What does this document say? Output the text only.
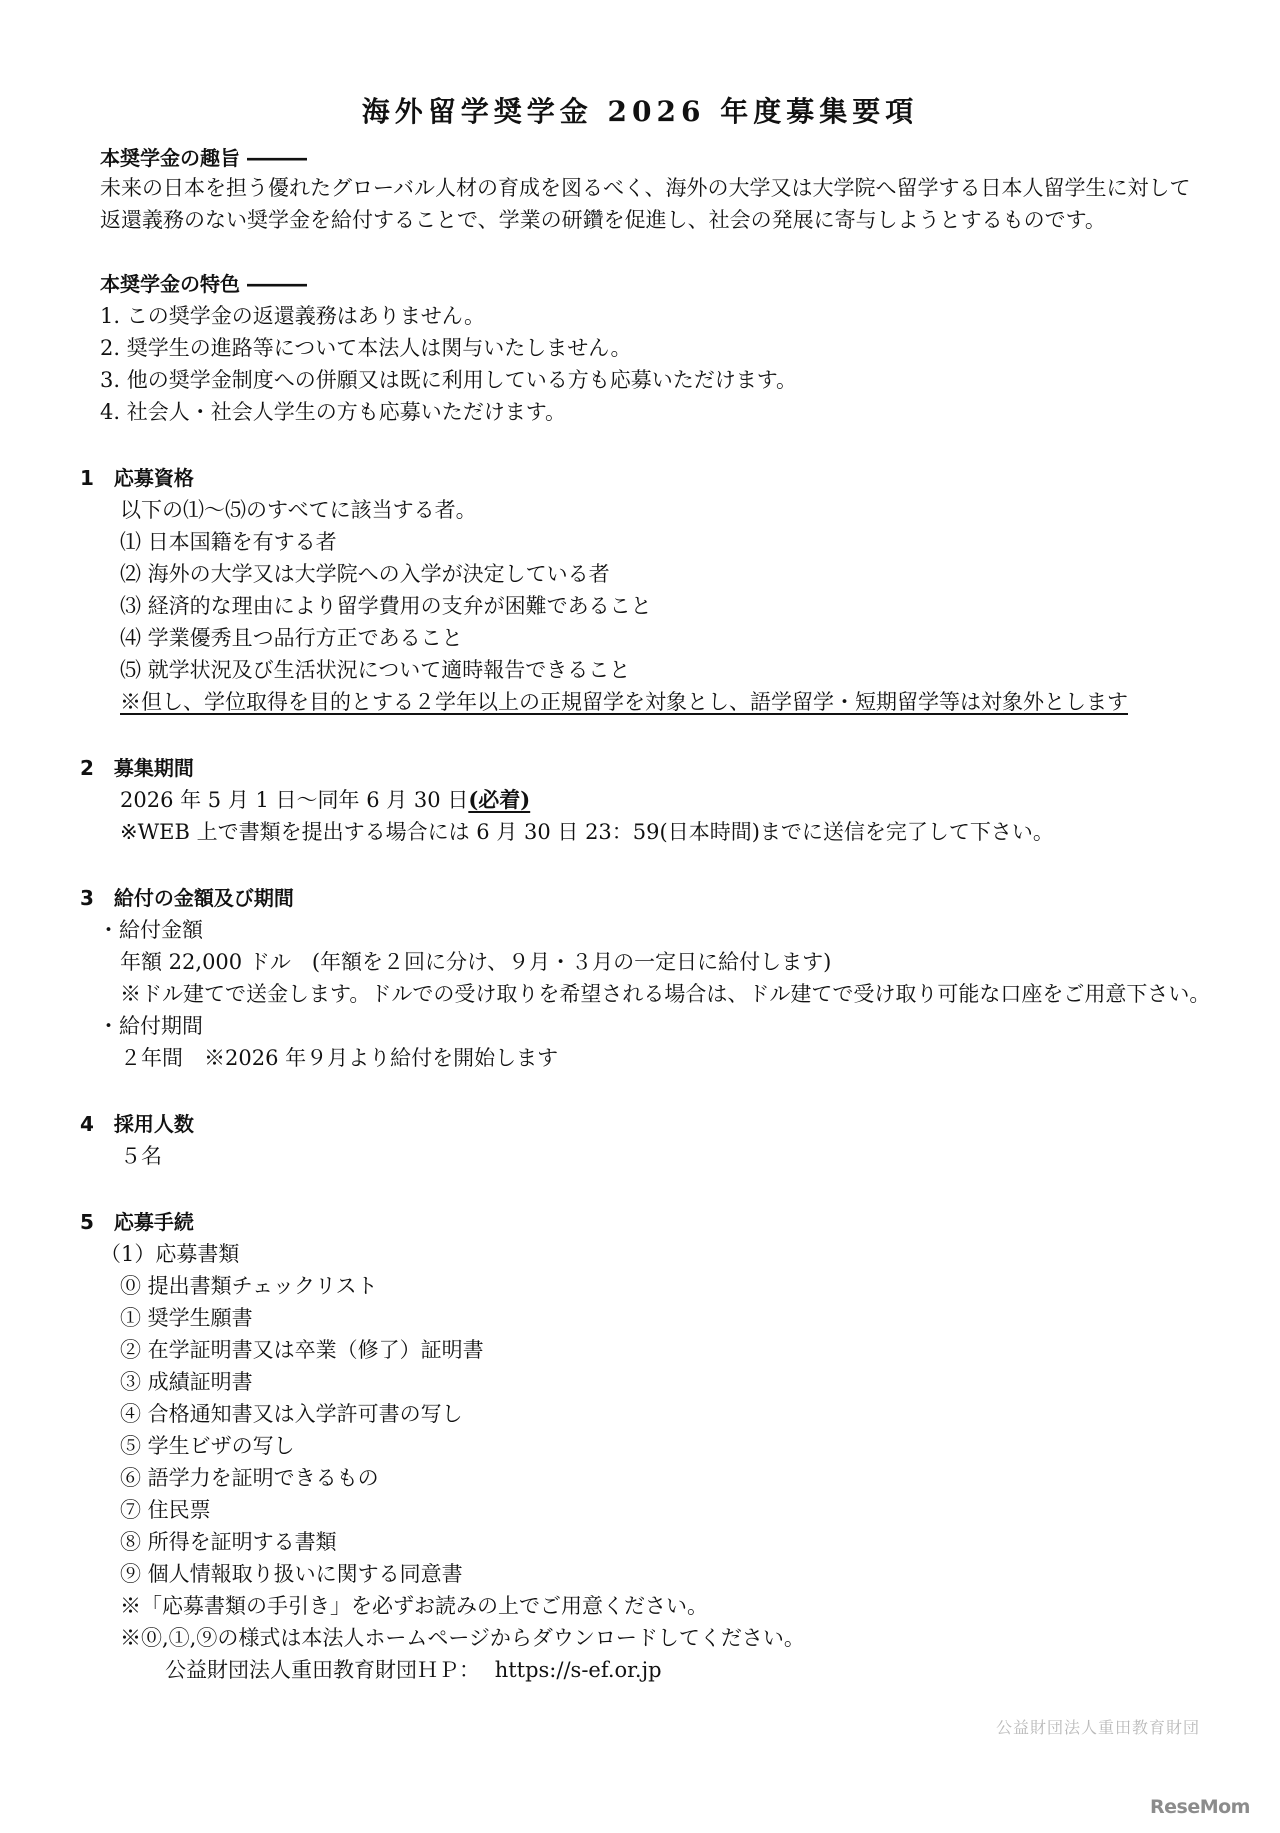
海外留学奨学金 2026 年度募集要項
本奨学金の趣旨 ―――
未来の日本を担う優れたグローバル人材の育成を図るべく、海外の大学又は大学院へ留学する日本人留学生に対して
返還義務のない奨学金を給付することで、学業の研鑽を促進し、社会の発展に寄与しようとするものです。
本奨学金の特色 ―――
1. この奨学金の返還義務はありません。
2. 奨学生の進路等について本法人は関与いたしません。
3. 他の奨学金制度への併願又は既に利用している方も応募いただけます。
4. 社会人・社会人学生の方も応募いただけます。
1　応募資格
以下の⑴〜⑸のすべてに該当する者。
⑴ 日本国籍を有する者
⑵ 海外の大学又は大学院への入学が決定している者
⑶ 経済的な理由により留学費用の支弁が困難であること
⑷ 学業優秀且つ品行方正であること
⑸ 就学状況及び生活状況について適時報告できること
※但し、学位取得を目的とする２学年以上の正規留学を対象とし、語学留学・短期留学等は対象外とします
2　募集期間
2026 年 5 月 1 日〜同年 6 月 30 日(必着)
※WEB 上で書類を提出する場合には 6 月 30 日 23：59(日本時間)までに送信を完了して下さい。
3　給付の金額及び期間
・給付金額
年額 22,000 ドル　(年額を２回に分け、９月・３月の一定日に給付します)
※ドル建てで送金します。ドルでの受け取りを希望される場合は、ドル建てで受け取り可能な口座をご用意下さい。
・給付期間
２年間　※2026 年９月より給付を開始します
4　採用人数
５名
5　応募手続
（1）応募書類
⓪ 提出書類チェックリスト
① 奨学生願書
② 在学証明書又は卒業（修了）証明書
③ 成績証明書
④ 合格通知書又は入学許可書の写し
⑤ 学生ビザの写し
⑥ 語学力を証明できるもの
⑦ 住民票
⑧ 所得を証明する書類
⑨ 個人情報取り扱いに関する同意書
※「応募書類の手引き」を必ずお読みの上でご用意ください。
※⓪,①,⑨の様式は本法人ホームページからダウンロードしてください。
公益財団法人重田教育財団ＨＰ： https://s-ef.or.jp
公益財団法人重田教育財団
ReseMom
